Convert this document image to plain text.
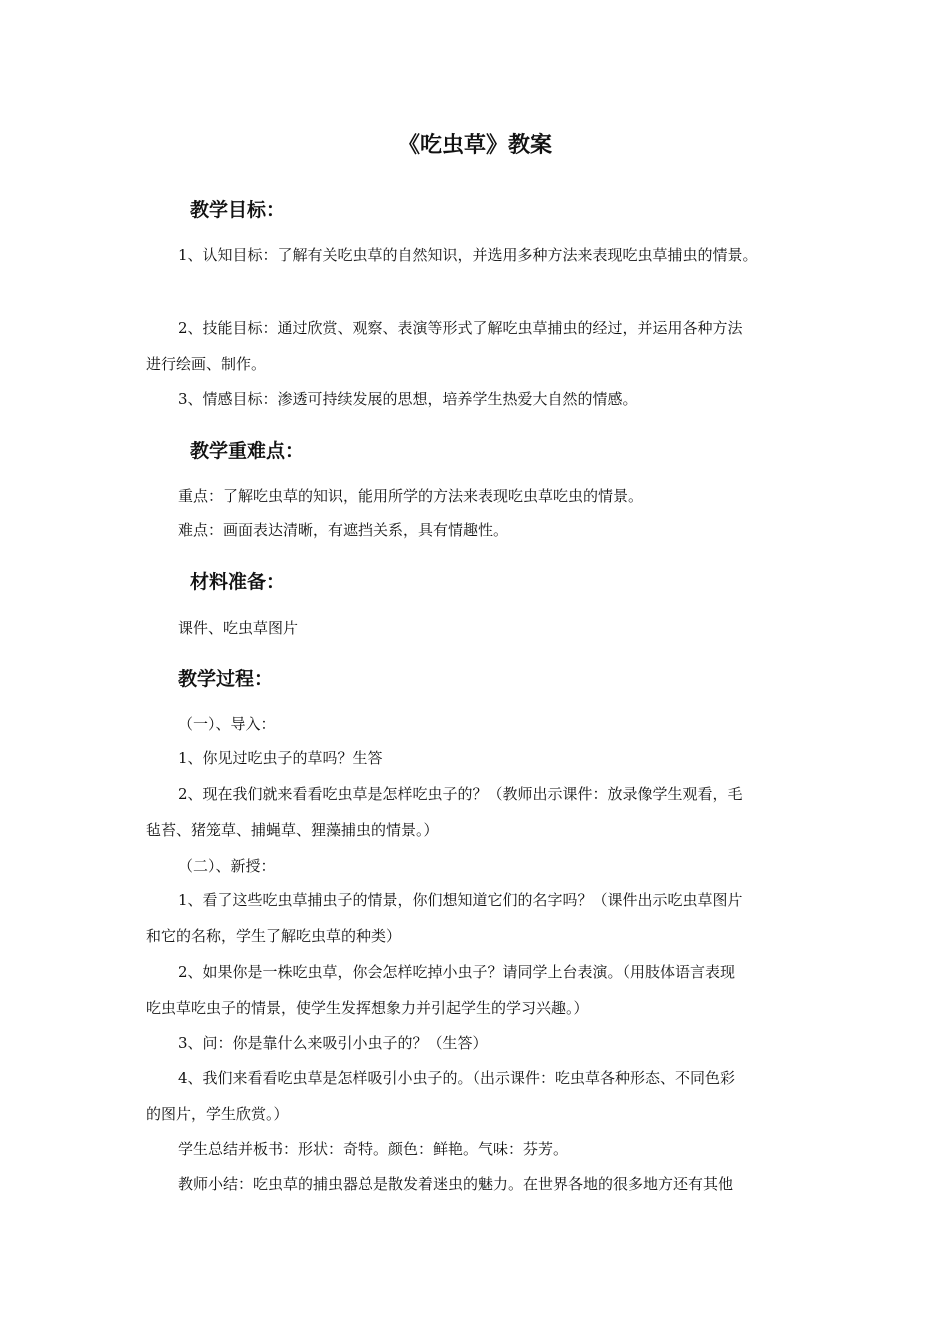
《吃虫草》教案
教学目标：
1、认知目标：了解有关吃虫草的自然知识，并选用多种方法来表现吃虫草捕虫的情景。
2、技能目标：通过欣赏、观察、表演等形式了解吃虫草捕虫的经过，并运用各种方法
进行绘画、制作。
3、情感目标：渗透可持续发展的思想，培养学生热爱大自然的情感。
教学重难点：
重点：了解吃虫草的知识，能用所学的方法来表现吃虫草吃虫的情景。
难点：画面表达清晰，有遮挡关系，具有情趣性。
材料准备：
课件、吃虫草图片
教学过程：
（一）、导入：
1、你见过吃虫子的草吗？生答
2、现在我们就来看看吃虫草是怎样吃虫子的？（教师出示课件：放录像学生观看，毛
毡苔、猪笼草、捕蝇草、狸藻捕虫的情景。）
（二）、新授：
1、看了这些吃虫草捕虫子的情景，你们想知道它们的名字吗？（课件出示吃虫草图片
和它的名称，学生了解吃虫草的种类）
2、如果你是一株吃虫草，你会怎样吃掉小虫子？请同学上台表演。（用肢体语言表现
吃虫草吃虫子的情景，使学生发挥想象力并引起学生的学习兴趣。）
3、问：你是靠什么来吸引小虫子的？（生答）
4、我们来看看吃虫草是怎样吸引小虫子的。（出示课件：吃虫草各种形态、不同色彩
的图片，学生欣赏。）
学生总结并板书：形状：奇特。颜色：鲜艳。气味：芬芳。
教师小结：吃虫草的捕虫器总是散发着迷虫的魅力。在世界各地的很多地方还有其他
